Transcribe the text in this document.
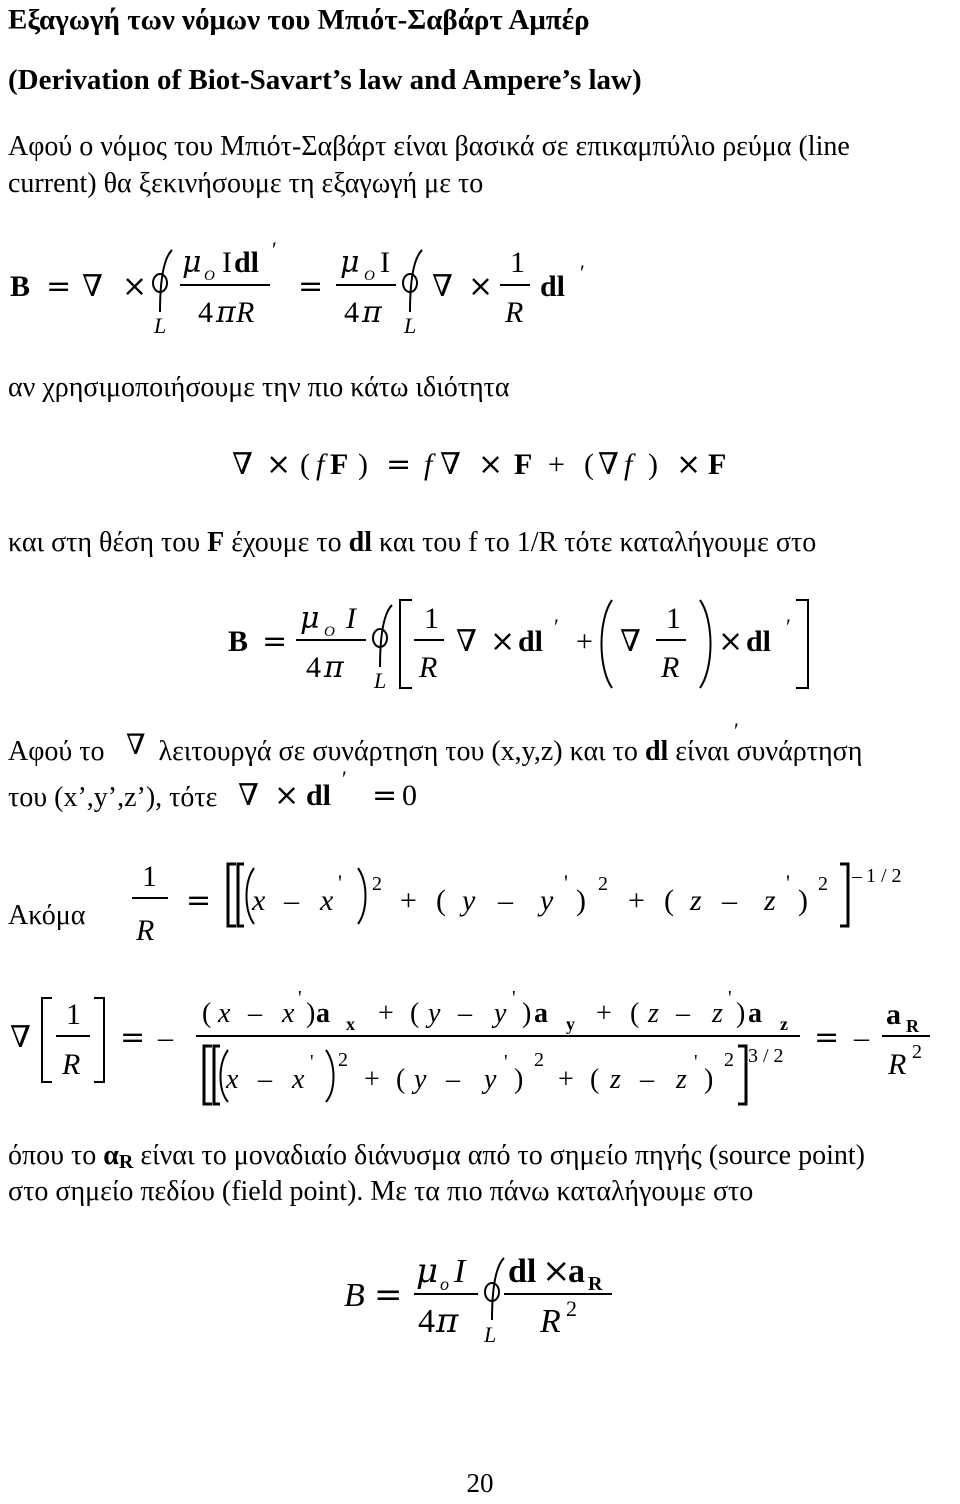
Εξαγωγή των νόμων του Μπιότ-Σαβάρτ Αμπέρ
(Derivation of Biot-Savart’s law and Ampere’s law)
Αφού ο νόμος του Μπιότ-Σαβάρτ είναι βασικά σε επικαμπύλιο ρεύμα (line
current) θα ξεκινήσουμε τη εξαγωγή με το
αν χρησιμοποιήσουμε την πιο κάτω ιδιότητα
και στη θέση του F έχουμε το dl και του f το 1/R τότε καταλήγουμε στο
Αφού το λειτουργά σε συνάρτηση του (x,y,z) και το dl είναι συνάρτηση
του (x’,y’,z’), τότε
Ακόμα
όπου το αR είναι το μοναδιαίο διάνυσμα από το σημείο πηγής (source point)
στο σημείο πεδίου (field point). Με τα πιο πάνω καταλήγουμε στο
B = ∇ ×
L
μ O I dl ′
4 π R
=
μ O I
4 π L
∇ ×
1
R
dl ′
∇ × ( f F ) = f ∇ × F + ( ∇ f ) × F
B =
μ O I
4 π L
1
R
∇ × dl ′ + ∇
1
R
× dl ′
∇	′
∇ × dl
′ = 0
1
R
= x – x
' 2 + ( y – y
'
) 2 + ( z – z
'
) 2 – 1 / 2
∇
1
R
= –
( x – x ' ) a x + ( y – y ' ) a y + ( z – z ' ) a z
x – x
' 2
+ ( y – y
'
)
2
+ ( z – z
'
)
2 3 / 2
= –
a R
R 2
B =
μ o I
4 π L
dl ×
a R
R 2
20
